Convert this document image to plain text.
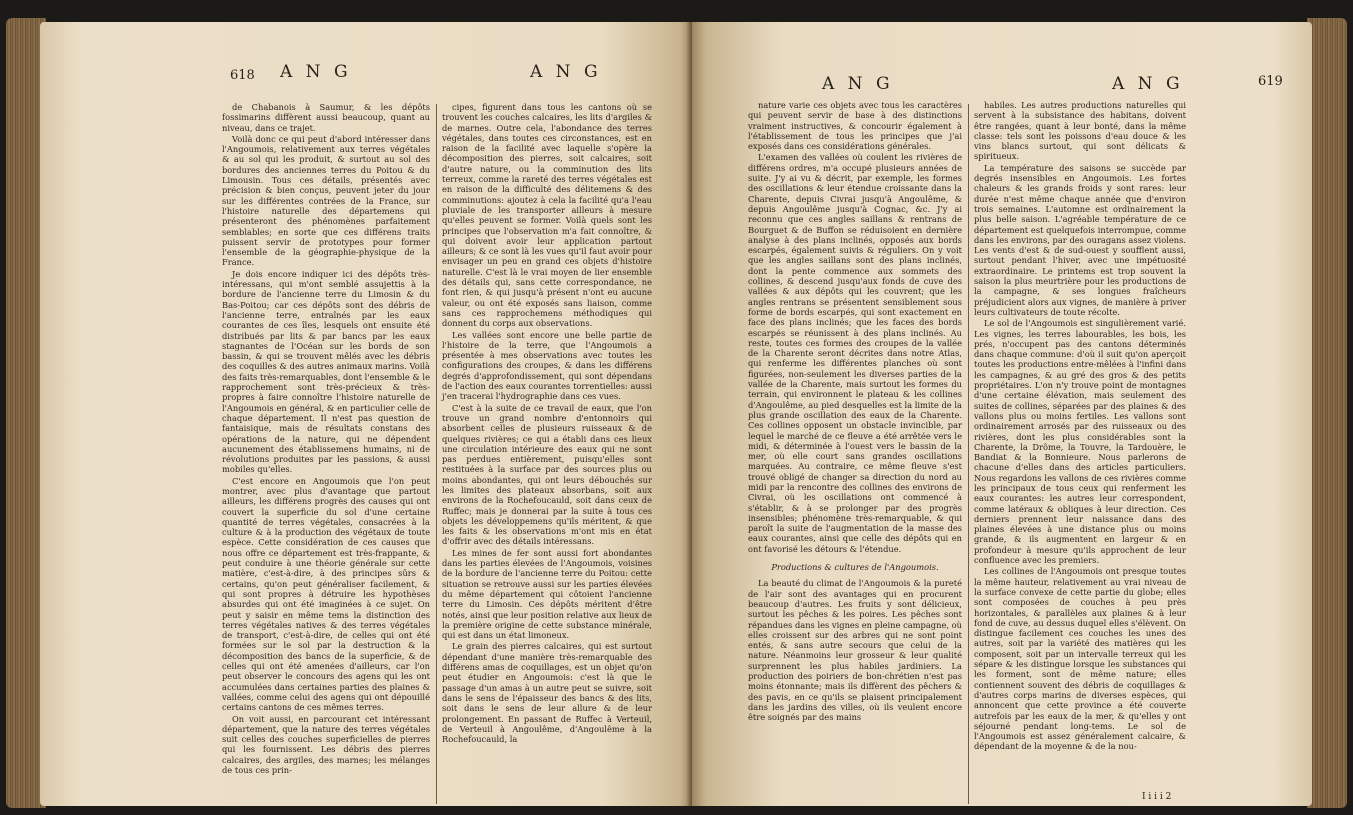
618 A N G	A N G

de Chabanois à Saumur, & les dépôts fossimarins diffèrent aussi beaucoup, quant au niveau, dans ce trajet.

Voilà donc ce qui peut d'abord intéresser dans l'Angoumois, relativement aux terres végétales & au sol qui les produit, & surtout au sol des bordures des anciennes terres du Poitou & du Limousin. Tous ces détails, présentés avec précision & bien conçus, peuvent jeter du jour sur les différentes contrées de la France, sur l'histoire naturelle des départemens qui présenteront des phénomènes parfaitement semblables; en sorte que ces différens traits puissent servir de prototypes pour former l'ensemble de la géographie-physique de la France.

Je dois encore indiquer ici des dépôts très-intéressans, qui m'ont semblé assujettis à la bordure de l'ancienne terre du Limosin & du Bas-Poitou; car ces dépôts sont des débris de l'ancienne terre, entraînés par les eaux courantes de ces îles, lesquels ont ensuite été distribués par lits & par bancs par les eaux stagnantes de l'Océan sur les bords de son bassin, & qui se trouvent mêlés avec les débris des coquilles & des autres animaux marins. Voilà des faits très-remarquables, dont l'ensemble & le rapprochement sont très-précieux & très-propres à faire connoître l'histoire naturelle de l'Angoumois en général, & en particulier celle de chaque département. Il n'est pas question de fantaisique, mais de résultats constans des opérations de la nature, qui ne dépendent aucunement des établissemens humains, ni de révolutions produites par les passions, & aussi mobiles qu'elles.

C'est encore en Angoumois que l'on peut montrer, avec plus d'avantage que partout ailleurs, les différens progrès des causes qui ont couvert la superficie du sol d'une certaine quantité de terres végétales, consacrées à la culture & à la production des végétaux de toute espèce. Cette considération de ces causes que nous offre ce département est très-frappante, & peut conduire à une théorie générale sur cette matière, c'est-à-dire, à des principes sûrs & certains, qu'on peut généraliser facilement, & qui sont propres à détruire les hypothèses absurdes qui ont été imaginées à ce sujet. On peut y saisir en même tems la distinction des terres végétales natives & des terres végétales de transport, c'est-à-dire, de celles qui ont été formées sur le sol par la destruction & la décomposition des bancs de la superficie, & de celles qui ont été amenées d'ailleurs, car l'on peut observer le concours des agens qui les ont accumulées dans certaines parties des plaines & vallées, comme celui des agens qui ont dépouillé certains cantons de ces mêmes terres.

On voit aussi, en parcourant cet intéressant département, que la nature des terres végétales suit celles des couches superficielles de pierres qui les fournissent. Les débris des pierres calcaires, des argiles, des marnes; les mélanges de tous ces prin-

cipes, figurent dans tous les cantons où se trouvent les couches calcaires, les lits d'argiles & de marnes. Outre cela, l'abondance des terres végétales, dans toutes ces circonstances, est en raison de la facilité avec laquelle s'opère la décomposition des pierres, soit calcaires, soit d'autre nature, ou la comminution des lits terreux, comme la rareté des terres végétales est en raison de la difficulté des délitemens & des comminutions: ajoutez à cela la facilité qu'a l'eau pluviale de les transporter ailleurs à mesure qu'elles peuvent se former. Voilà quels sont les principes que l'observation m'a fait connoître, & qui doivent avoir leur application partout ailleurs; & ce sont là les vues qu'il faut avoir pour envisager un peu en grand ces objets d'histoire naturelle. C'est là le vrai moyen de lier ensemble des détails qui, sans cette correspondance, ne font rien, & qui jusqu'à présent n'ont eu aucune valeur, ou ont été exposés sans liaison, comme sans ces rapprochemens méthodiques qui donnent du corps aux observations.

Les vallées sont encore une belle partie de l'histoire de la terre, que l'Angoumois a présentée à mes observations avec toutes les configurations des croupes, & dans les différens degrés d'approfondissement, qui sont dépendans de l'action des eaux courantes torrentielles: aussi j'en tracerai l'hydrographie dans ces vues.

C'est à la suite de ce travail de eaux, que l'on trouve un grand nombre d'entonnoirs qui absorbent celles de plusieurs ruisseaux & de quelques rivières; ce qui a établi dans ces lieux une circulation intérieure des eaux qui ne sont pas perdues entièrement, puisqu'elles sont restituées à la surface par des sources plus ou moins abondantes, qui ont leurs débouchés sur les limites des plateaux absorbans, soit aux environs de la Rochefoucauld, soit dans ceux de Ruffec; mais je donnerai par la suite à tous ces objets les développemens qu'ils méritent, & que les faits & les observations m'ont mis en état d'offrir avec des détails intéressans.

Les mines de fer sont aussi fort abondantes dans les parties élevées de l'Angoumois, voisines de la bordure de l'ancienne terre du Poitou: cette situation se retrouve aussi sur les parties élevées du même département qui côtoient l'ancienne terre du Limosin. Ces dépôts méritent d'être notés, ainsi que leur position relative aux lieux de la première origine de cette substance minérale, qui est dans un état limoneux.

Le grain des pierres calcaires, qui est surtout dépendant d'une manière très-remarquable des différens amas de coquillages, est un objet qu'on peut étudier en Angoumois: c'est là que le passage d'un amas à un autre peut se suivre, soit dans le sens de l'épaisseur des bancs & des lits, soit dans le sens de leur allure & de leur prolongement. En passant de Ruffec à Verteuil, de Verteuil à Angoulême, d'Angoulême à la Rochefoucauld, la

A N G	A N G	619

nature varie ces objets avec tous les caractères qui peuvent servir de base à des distinctions vraiment instructives, & concourir également à l'établissement de tous les principes que j'ai exposés dans ces considérations générales.

L'examen des vallées où coulent les rivières de différens ordres, m'a occupé plusieurs années de suite. J'y ai vu & décrit, par exemple, les formes des oscillations & leur étendue croissante dans la Charente, depuis Civrai jusqu'à Angoulême, & depuis Angoulême jusqu'à Cognac, &c. J'y ai reconnu que ces angles saillans & rentrans de Bourguet & de Buffon se réduisoient en dernière analyse à des plans inclinés, opposés aux bords escarpés, également suivis & réguliers. On y voit que les angles saillans sont des plans inclinés, dont la pente commence aux sommets des collines, & descend jusqu'aux fonds de cuve des vallées & aux dépôts qui les couvrent; que les angles rentrans se présentent sensiblement sous forme de bords escarpés, qui sont exactement en face des plans inclinés; que les faces des bords escarpés se réunissent à des plans inclinés. Au reste, toutes ces formes des croupes de la vallée de la Charente seront décrites dans notre Atlas, qui renferme les différentes planches où sont figurées, non-seulement les diverses parties de la vallée de la Charente, mais surtout les formes du terrain, qui environnent le plateau & les collines d'Angoulême, au pied desquelles est la limite de la plus grande oscillation des eaux de la Charente. Ces collines opposent un obstacle invincible, par lequel le marché de ce fleuve a été arrêtée vers le midi, & déterminée à l'ouest vers le bassin de la mer, où elle court sans grandes oscillations marquées. Au contraire, ce même fleuve s'est trouvé obligé de changer sa direction du nord au midi par la rencontre des collines des environs de Civrai, où les oscillations ont commencé à s'établir, & à se prolonger par des progrès insensibles; phénomène très-remarquable, & qui paroît la suite de l'augmentation de la masse des eaux courantes, ainsi que celle des dépôts qui en ont favorisé les détours & l'étendue.

Productions & cultures de l'Angoumois.

La beauté du climat de l'Angoumois & la pureté de l'air sont des avantages qui en procurent beaucoup d'autres. Les fruits y sont délicieux, surtout les pêches & les poires. Les pêches sont répandues dans les vignes en pleine campagne, où elles croissent sur des arbres qui ne sont point entés, & sans autre secours que celui de la nature. Néanmoins leur grosseur & leur qualité surprennent les plus habiles jardiniers. La production des poiriers de bon-chrétien n'est pas moins étonnante; mais ils diffèrent des pêchers & des pavis, en ce qu'ils se plaisent principalement dans les jardins des villes, où ils veulent encore être soignés par des mains

habiles. Les autres productions naturelles qui servent à la subsistance des habitans, doivent être rangées, quant à leur bonté, dans la même classe: tels sont les poissons d'eau douce & les vins blancs surtout, qui sont délicats & spiritueux.

La température des saisons se succède par degrés insensibles en Angoumois. Les fortes chaleurs & les grands froids y sont rares: leur durée n'est même chaque année que d'environ trois semaines. L'automne est ordinairement la plus belle saison. L'agréable température de ce département est quelquefois interrompue, comme dans les environs, par des ouragans assez violens. Les vents d'est & de sud-ouest y soufflent aussi, surtout pendant l'hiver, avec une impétuosité extraordinaire. Le printems est trop souvent la saison la plus meurtrière pour les productions de la campagne, & ses longues fraîcheurs préjudicient alors aux vignes, de manière à priver leurs cultivateurs de toute récolte.

Le sol de l'Angoumois est singulièrement varié. Les vignes, les terres labourables, les bois, les prés, n'occupent pas des cantons déterminés dans chaque commune: d'où il suit qu'on aperçoit toutes les productions entre-mêlées à l'infini dans les campagnes, & au gré des gros & des petits propriétaires. L'on n'y trouve point de montagnes d'une certaine élévation, mais seulement des suites de collines, séparées par des plaines & des vallons plus ou moins fertiles. Les vallons sont ordinairement arrosés par des ruisseaux ou des rivières, dont les plus considérables sont la Charente, la Drôme, la Touvre, la Tardouère, le Bandiat & la Bonnieure. Nous parlerons de chacune d'elles dans des articles particuliers. Nous regardons les vallons de ces rivières comme les principaux de tous ceux qui renferment les eaux courantes: les autres leur correspondent, comme latéraux & obliques à leur direction. Ces derniers prennent leur naissance dans des plaines élevées à une distance plus ou moins grande, & ils augmentent en largeur & en profondeur à mesure qu'ils approchent de leur confluence avec les premiers.

Les collines de l'Angoumois ont presque toutes la même hauteur, relativement au vrai niveau de la surface convexe de cette partie du globe; elles sont composées de couches à peu près horizontales, & parallèles aux plaines & à leur fond de cuve, au dessus duquel elles s'élèvent. On distingue facilement ces couches les unes des autres, soit par la variété des matières qui les composent, soit par un intervalle terreux qui les sépare & les distingue lorsque les substances qui les forment, sont de même nature; elles contiennent souvent des débris de coquillages & d'autres corps marins de diverses espèces, qui annoncent que cette province a été couverte autrefois par les eaux de la mer, & qu'elles y ont séjourné pendant long-tems. Le sol de l'Angoumois est assez généralement calcaire, & dépendant de la moyenne & de la nou-

I i i i 2
